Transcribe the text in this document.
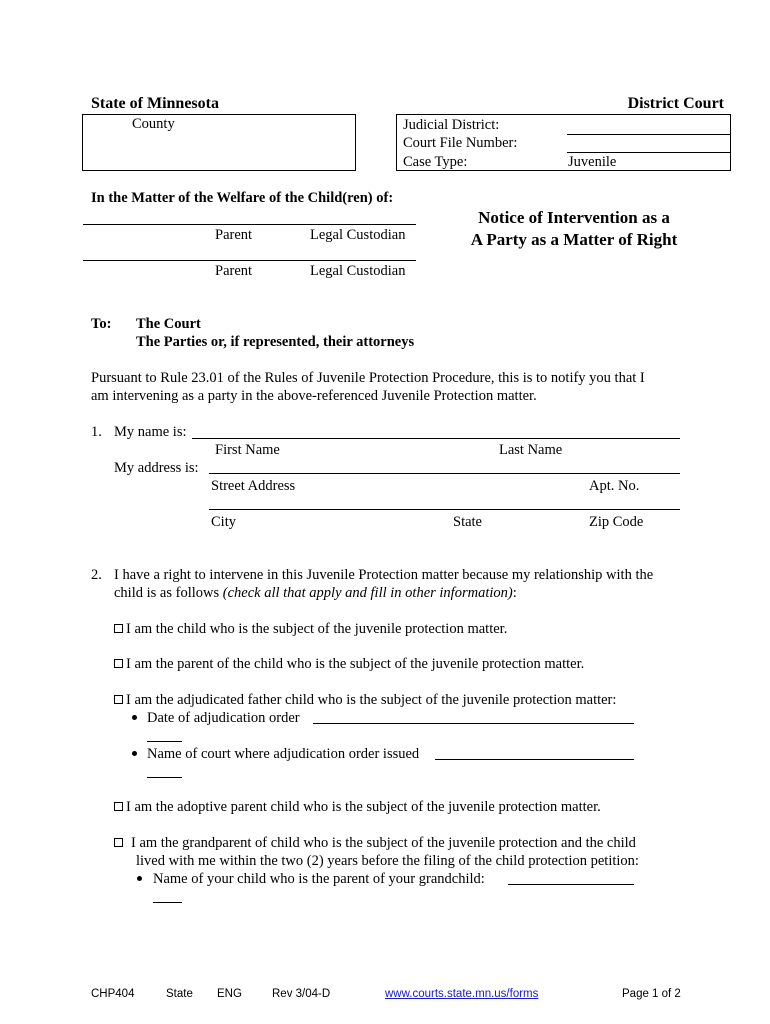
State of Minnesota	District Court
County	Judicial District:
Court File Number:
Case Type:	Juvenile
In the Matter of the Welfare of the Child(ren) of:
Parent	Legal Custodian
Parent	Legal Custodian
Notice of Intervention as a
A Party as a Matter of Right
To: The Court
The Parties or, if represented, their attorneys
Pursuant to Rule 23.01 of the Rules of Juvenile Protection Procedure, this is to notify you that I
am intervening as a party in the above-referenced Juvenile Protection matter.
1. My name is:
First Name	Last Name
My address is:
Street Address	Apt. No.
City	State	Zip Code
2. I have a right to intervene in this Juvenile Protection matter because my relationship with the
child is as follows (check all that apply and fill in other information):
I am the child who is the subject of the juvenile protection matter.
I am the parent of the child who is the subject of the juvenile protection matter.
I am the adjudicated father child who is the subject of the juvenile protection matter:
Date of adjudication order
Name of court where adjudication order issued
I am the adoptive parent child who is the subject of the juvenile protection matter.
I am the grandparent of child who is the subject of the juvenile protection and the child
lived with me within the two (2) years before the filing of the child protection petition:
Name of your child who is the parent of your grandchild:
CHP404	State ENG	Rev 3/04-D	www.courts.state.mn.us/forms	Page 1 of 2
